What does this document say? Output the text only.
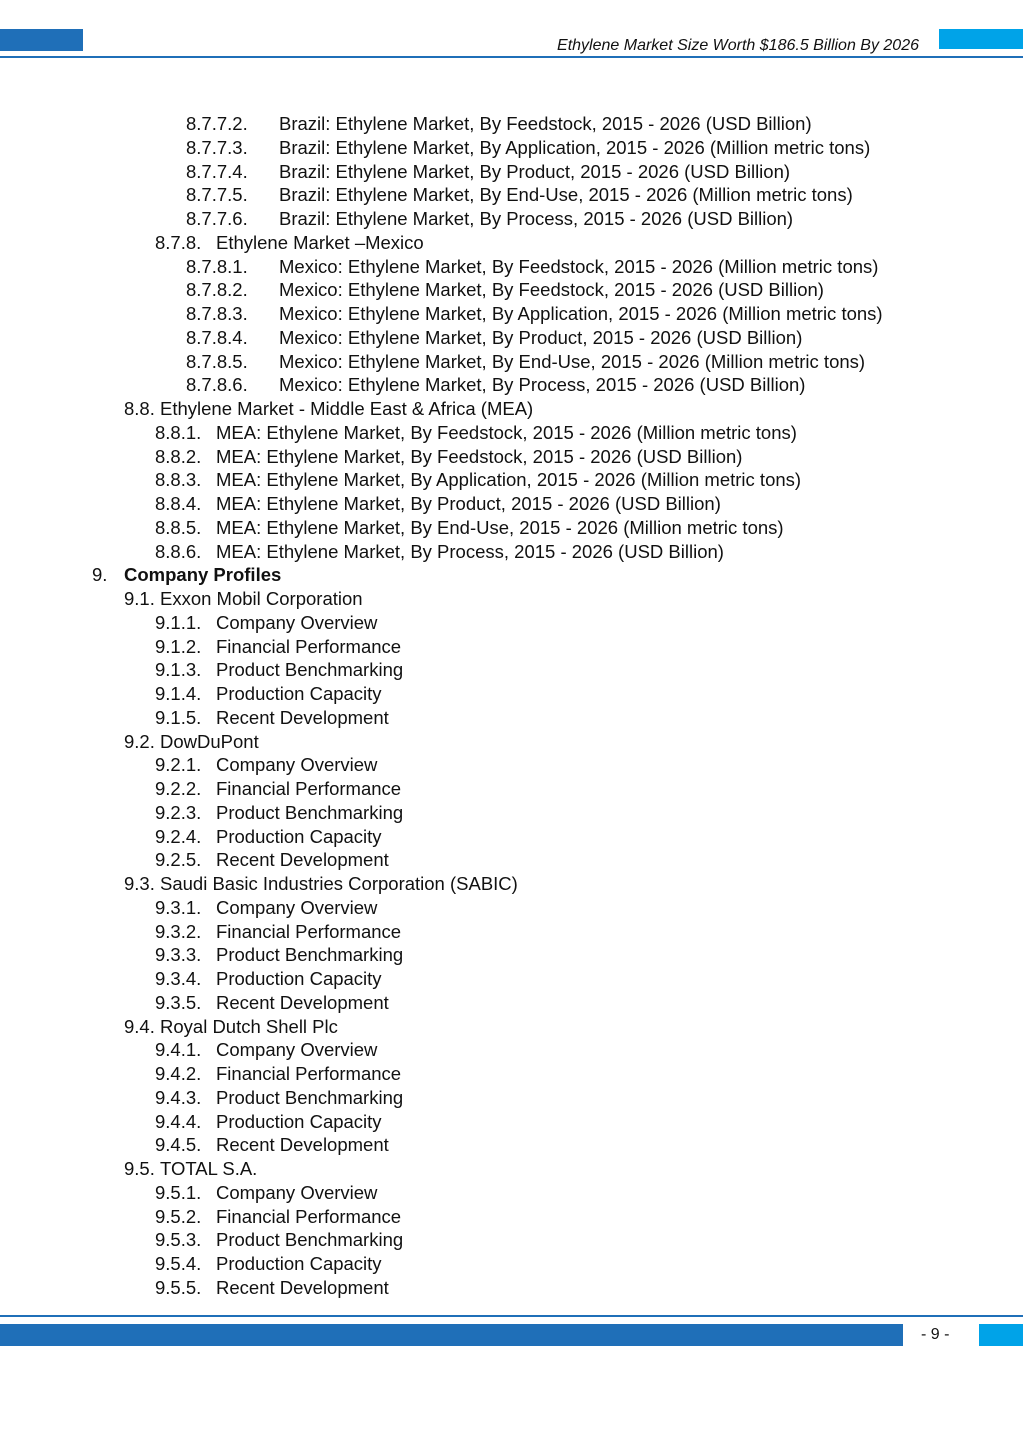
Ethylene Market Size Worth $186.5 Billion By 2026
8.7.7.2. Brazil: Ethylene Market, By Feedstock, 2015 - 2026 (USD Billion)
8.7.7.3. Brazil: Ethylene Market, By Application, 2015 - 2026 (Million metric tons)
8.7.7.4. Brazil: Ethylene Market, By Product, 2015 - 2026 (USD Billion)
8.7.7.5. Brazil: Ethylene Market, By End-Use, 2015 - 2026 (Million metric tons)
8.7.7.6. Brazil: Ethylene Market, By Process, 2015 - 2026 (USD Billion)
8.7.8. Ethylene Market –Mexico
8.7.8.1. Mexico: Ethylene Market, By Feedstock, 2015 - 2026 (Million metric tons)
8.7.8.2. Mexico: Ethylene Market, By Feedstock, 2015 - 2026 (USD Billion)
8.7.8.3. Mexico: Ethylene Market, By Application, 2015 - 2026 (Million metric tons)
8.7.8.4. Mexico: Ethylene Market, By Product, 2015 - 2026 (USD Billion)
8.7.8.5. Mexico: Ethylene Market, By End-Use, 2015 - 2026 (Million metric tons)
8.7.8.6. Mexico: Ethylene Market, By Process, 2015 - 2026 (USD Billion)
8.8. Ethylene Market - Middle East & Africa (MEA)
8.8.1. MEA: Ethylene Market, By Feedstock, 2015 - 2026 (Million metric tons)
8.8.2. MEA: Ethylene Market, By Feedstock, 2015 - 2026 (USD Billion)
8.8.3. MEA: Ethylene Market, By Application, 2015 - 2026 (Million metric tons)
8.8.4. MEA: Ethylene Market, By Product, 2015 - 2026 (USD Billion)
8.8.5. MEA: Ethylene Market, By End-Use, 2015 - 2026 (Million metric tons)
8.8.6. MEA: Ethylene Market, By Process, 2015 - 2026 (USD Billion)
9. Company Profiles
9.1. Exxon Mobil Corporation
9.1.1. Company Overview
9.1.2. Financial Performance
9.1.3. Product Benchmarking
9.1.4. Production Capacity
9.1.5. Recent Development
9.2. DowDuPont
9.2.1. Company Overview
9.2.2. Financial Performance
9.2.3. Product Benchmarking
9.2.4. Production Capacity
9.2.5. Recent Development
9.3. Saudi Basic Industries Corporation (SABIC)
9.3.1. Company Overview
9.3.2. Financial Performance
9.3.3. Product Benchmarking
9.3.4. Production Capacity
9.3.5. Recent Development
9.4. Royal Dutch Shell Plc
9.4.1. Company Overview
9.4.2. Financial Performance
9.4.3. Product Benchmarking
9.4.4. Production Capacity
9.4.5. Recent Development
9.5. TOTAL S.A.
9.5.1. Company Overview
9.5.2. Financial Performance
9.5.3. Product Benchmarking
9.5.4. Production Capacity
9.5.5. Recent Development
- 9 -
